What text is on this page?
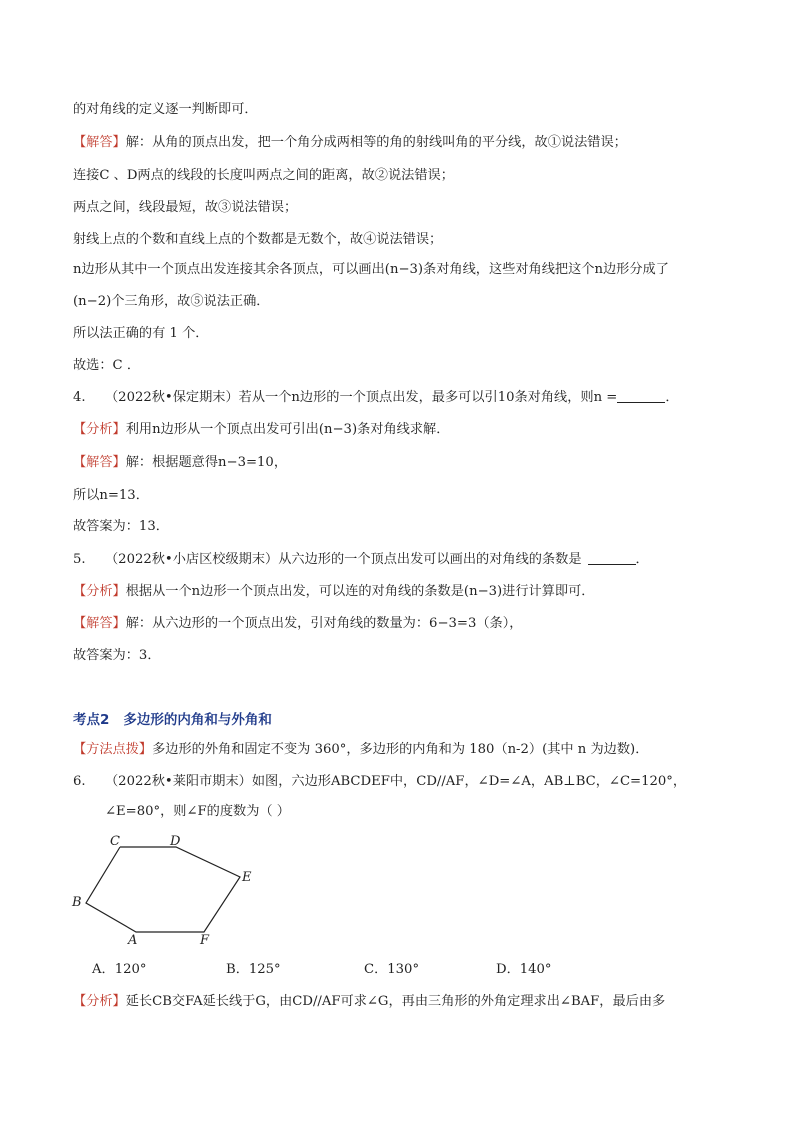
的对角线的定义逐一判断即可．
【解答】解：从角的顶点出发，把一个角分成两相等的角的射线叫角的平分线，故①说法错误；
连接C 、D两点的线段的长度叫两点之间的距离，故②说法错误；
两点之间，线段最短，故③说法错误；
射线上点的个数和直线上点的个数都是无数个，故④说法错误；
n边形从其中一个顶点出发连接其余各顶点，可以画出(n−3)条对角线，这些对角线把这个n边形分成了
(n−2)个三角形，故⑤说法正确．
所以法正确的有 1 个．
故选：C ．
4. （2022秋•保定期末）若从一个n边形的一个顶点出发，最多可以引10条对角线，则n =	．
【分析】利用n边形从一个顶点出发可引出(n−3)条对角线求解．
【解答】解：根据题意得n−3=10，
所以n=13．
故答案为：13．
5. （2022秋•小店区校级期末）从六边形的一个顶点出发可以画出的对角线的条数是	．
【分析】根据从一个n边形一个顶点出发，可以连的对角线的条数是(n−3)进行计算即可．
【解答】解：从六边形的一个顶点出发，引对角线的数量为：6−3=3（条），
故答案为：3．
考点2 多边形的内角和与外角和
【方法点拨】多边形的外角和固定不变为 360°，多边形的内角和为 180（n-2）(其中 n 为边数)．
6. （2022秋•莱阳市期末）如图，六边形ABCDEF中，CD//AF，∠D=∠A，AB⊥BC，∠C=120°，
∠E=80°，则∠F的度数为（ ）
C	D
E
B
A	F
A．120°	B．125°	C．130°	D．140°
【分析】延长CB交FA延长线于G，由CD//AF可求∠G，再由三角形的外角定理求出∠BAF，最后由多
